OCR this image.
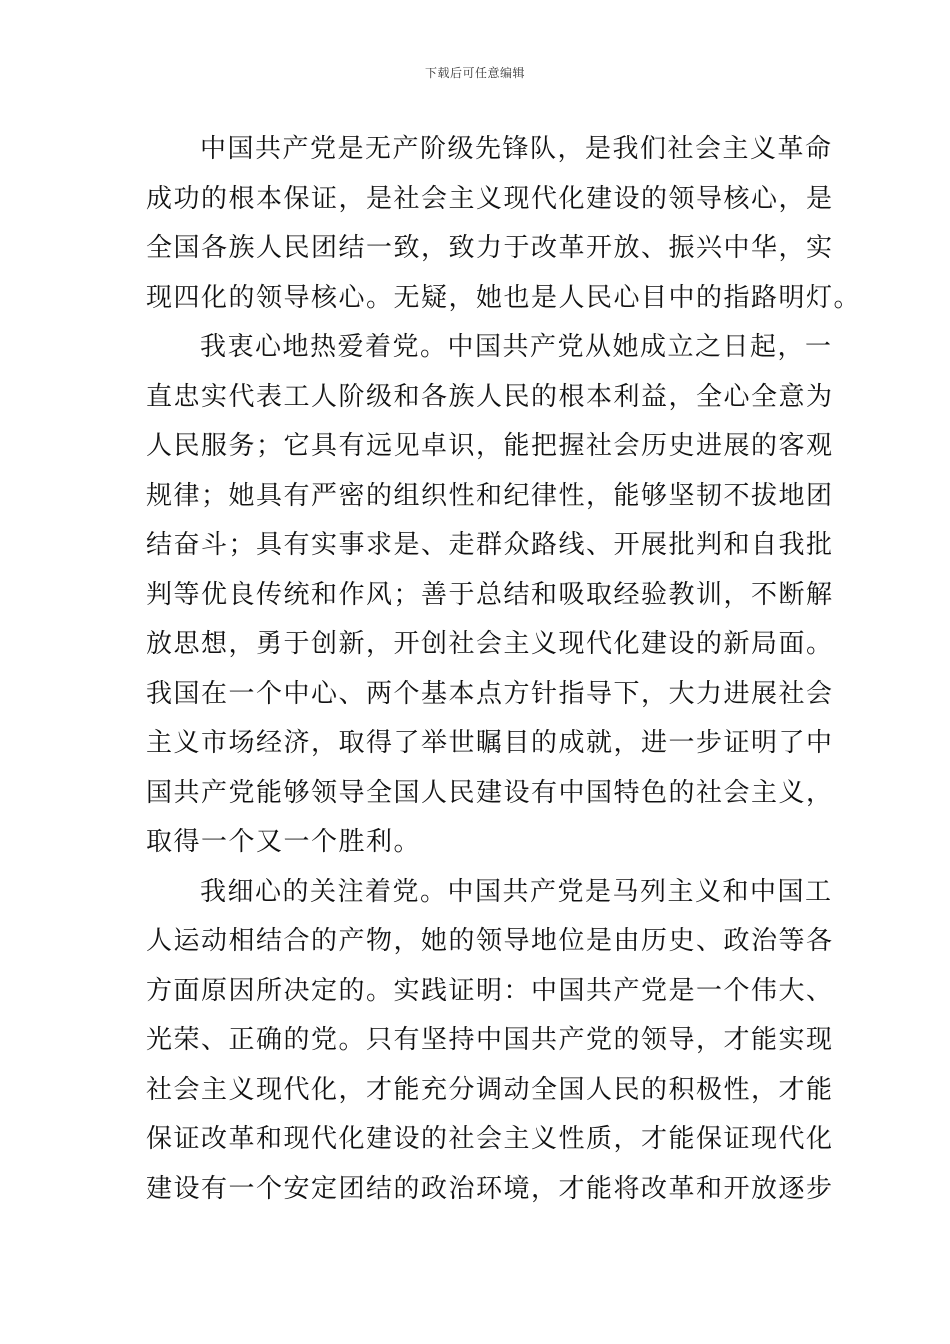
下载后可任意编辑
中国共产党是无产阶级先锋队，是我们社会主义革命
成功的根本保证，是社会主义现代化建设的领导核心，是
全国各族人民团结一致，致力于改革开放、振兴中华，实
现四化的领导核心。无疑，她也是人民心目中的指路明灯。
我衷心地热爱着党。中国共产党从她成立之日起，一
直忠实代表工人阶级和各族人民的根本利益，全心全意为
人民服务；它具有远见卓识，能把握社会历史进展的客观
规律；她具有严密的组织性和纪律性，能够坚韧不拔地团
结奋斗；具有实事求是、走群众路线、开展批判和自我批
判等优良传统和作风；善于总结和吸取经验教训，不断解
放思想，勇于创新，开创社会主义现代化建设的新局面。
我国在一个中心、两个基本点方针指导下，大力进展社会
主义市场经济，取得了举世瞩目的成就，进一步证明了中
国共产党能够领导全国人民建设有中国特色的社会主义，
取得一个又一个胜利。
我细心的关注着党。中国共产党是马列主义和中国工
人运动相结合的产物，她的领导地位是由历史、政治等各
方面原因所决定的。实践证明：中国共产党是一个伟大、
光荣、正确的党。只有坚持中国共产党的领导，才能实现
社会主义现代化，才能充分调动全国人民的积极性，才能
保证改革和现代化建设的社会主义性质，才能保证现代化
建设有一个安定团结的政治环境，才能将改革和开放逐步
